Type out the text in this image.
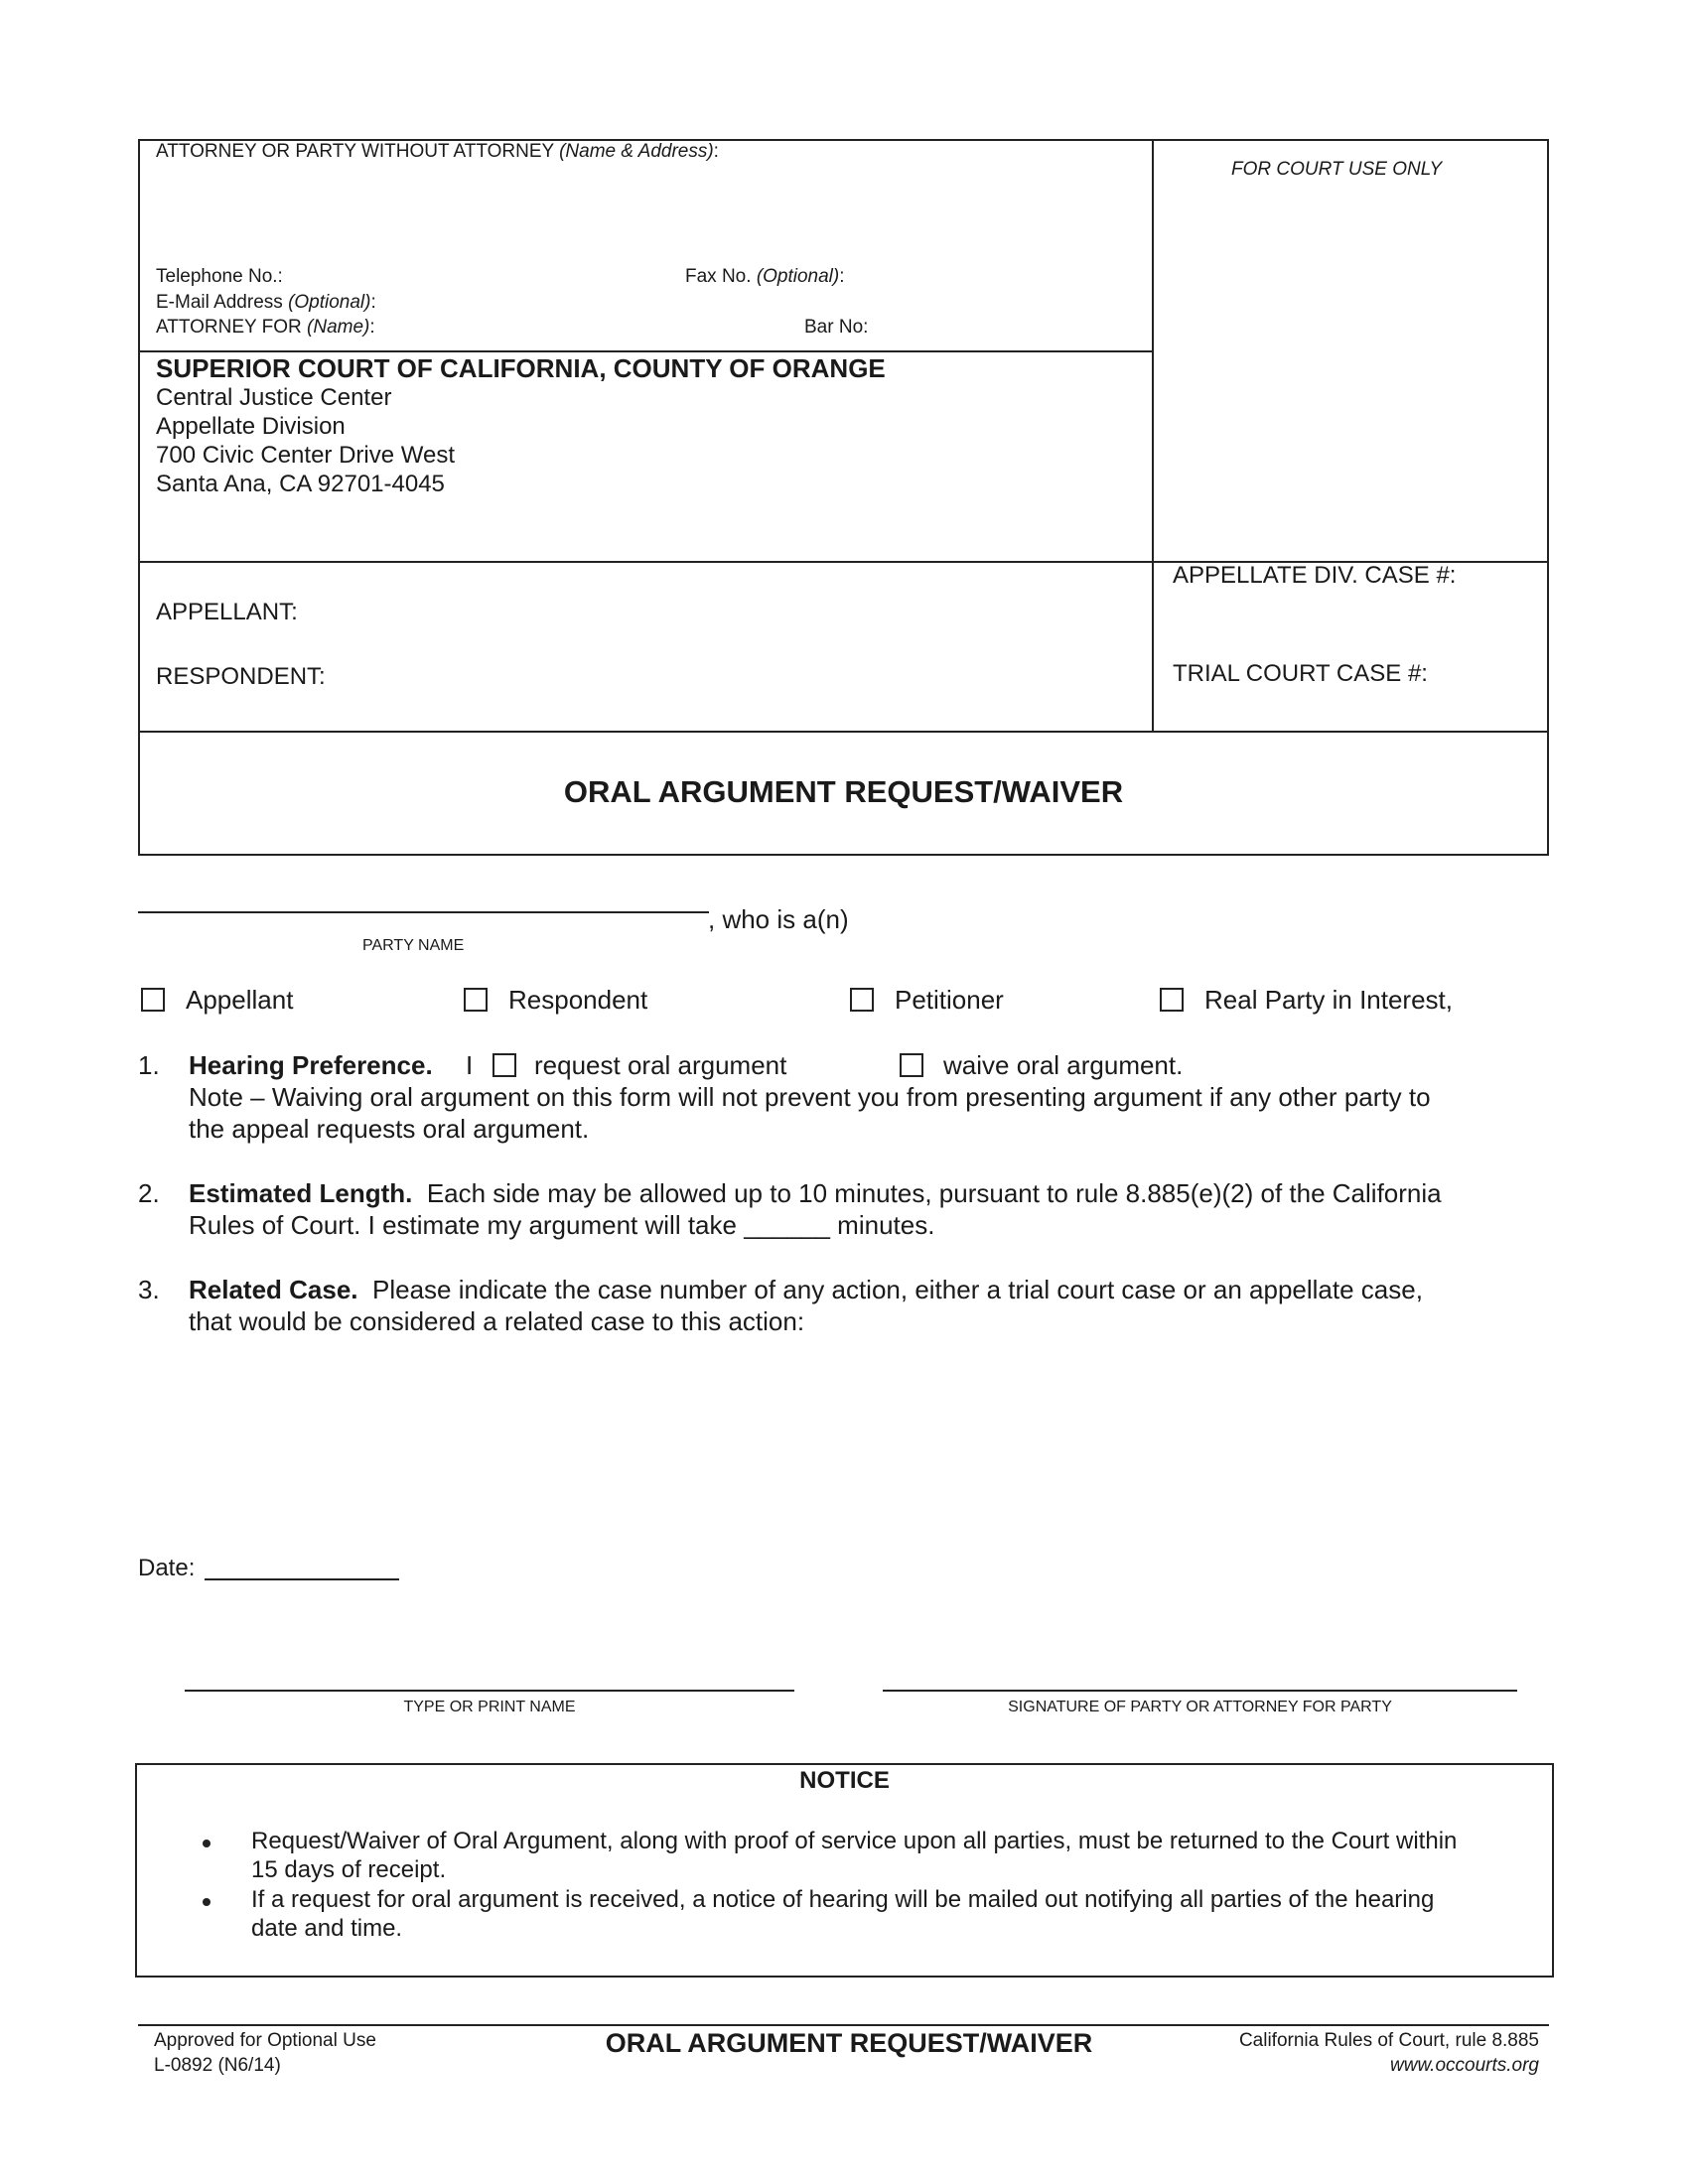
ATTORNEY OR PARTY WITHOUT ATTORNEY (Name & Address):
Telephone No.:	Fax No. (Optional):
E-Mail Address (Optional):
ATTORNEY FOR (Name):	Bar No:
FOR COURT USE ONLY
SUPERIOR COURT OF CALIFORNIA, COUNTY OF ORANGE
Central Justice Center
Appellate Division
700 Civic Center Drive West
Santa Ana, CA 92701-4045
APPELLANT:
RESPONDENT:
APPELLATE DIV. CASE #:
TRIAL COURT CASE #:
ORAL ARGUMENT REQUEST/WAIVER
, who is a(n)
PARTY NAME
Appellant	Respondent	Petitioner	Real Party in Interest,
1. Hearing Preference. I request oral argument	waive oral argument.
Note – Waiving oral argument on this form will not prevent you from presenting argument if any other party to
the appeal requests oral argument.
2. Estimated Length. Each side may be allowed up to 10 minutes, pursuant to rule 8.885(e)(2) of the California
Rules of Court. I estimate my argument will take ______ minutes.
3. Related Case. Please indicate the case number of any action, either a trial court case or an appellate case,
that would be considered a related case to this action:
Date:
TYPE OR PRINT NAME	SIGNATURE OF PARTY OR ATTORNEY FOR PARTY
NOTICE
Request/Waiver of Oral Argument, along with proof of service upon all parties, must be returned to the Court within
15 days of receipt.
If a request for oral argument is received, a notice of hearing will be mailed out notifying all parties of the hearing
date and time.
Approved for Optional Use
L-0892 (N6/14)
ORAL ARGUMENT REQUEST/WAIVER	California Rules of Court, rule 8.885
www.occourts.org
